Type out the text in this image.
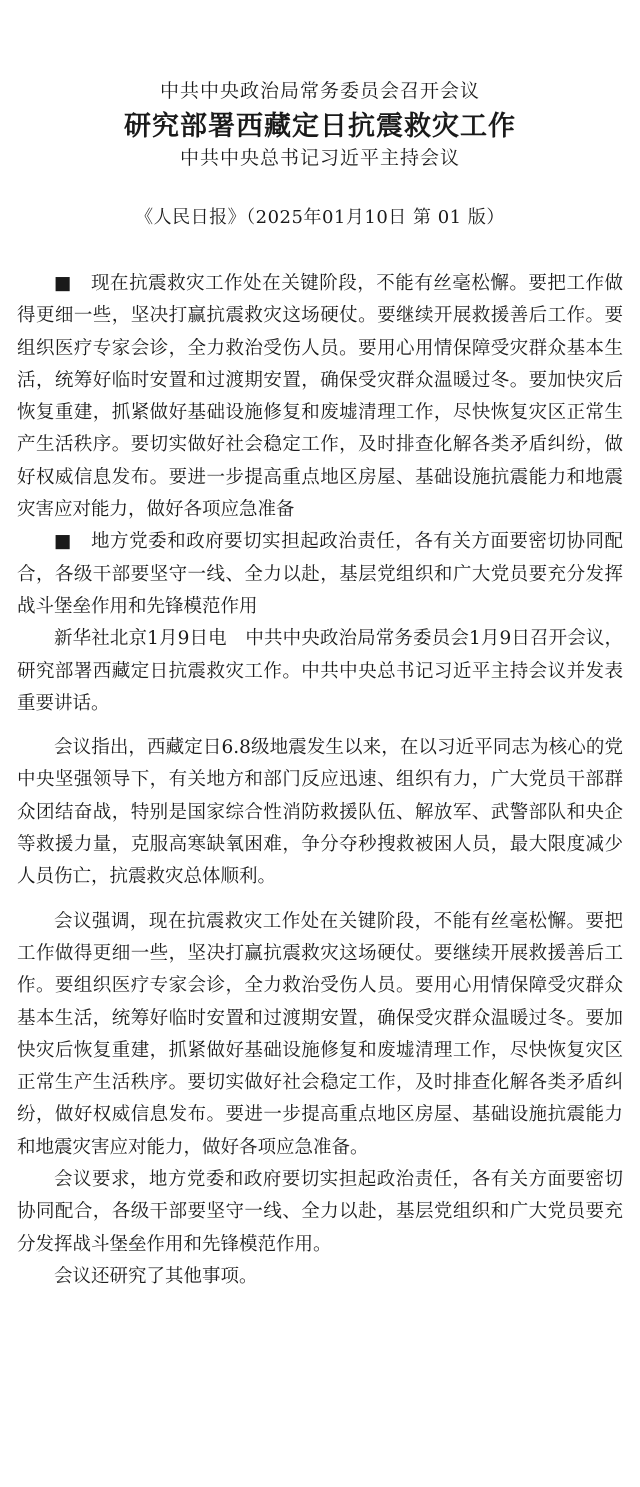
中共中央政治局常务委员会召开会议
研究部署西藏定日抗震救灾工作
中共中央总书记习近平主持会议
《人民日报》（2025年01月10日 第 01 版）

■　 现在抗震救灾工作处在关键阶段，不能有丝毫松懈。要把工作做得更细一些，坚决打赢抗震救灾这场硬仗。要继续开展救援善后工作。要组织医疗专家会诊，全力救治受伤人员。要用心用情保障受灾群众基本生活，统筹好临时安置和过渡期安置，确保受灾群众温暖过冬。要加快灾后恢复重建，抓紧做好基础设施修复和废墟清理工作，尽快恢复灾区正常生产生活秩序。要切实做好社会稳定工作，及时排查化解各类矛盾纠纷，做好权威信息发布。要进一步提高重点地区房屋、基础设施抗震能力和地震灾害应对能力，做好各项应急准备

■　 地方党委和政府要切实担起政治责任，各有关方面要密切协同配合，各级干部要坚守一线、全力以赴，基层党组织和广大党员要充分发挥战斗堡垒作用和先锋模范作用

新华社北京1月9日电　中共中央政治局常务委员会1月9日召开会议，研究部署西藏定日抗震救灾工作。中共中央总书记习近平主持会议并发表重要讲话。

会议指出，西藏定日6.8级地震发生以来，在以习近平同志为核心的党中央坚强领导下，有关地方和部门反应迅速、组织有力，广大党员干部群众团结奋战，特别是国家综合性消防救援队伍、解放军、武警部队和央企等救援力量，克服高寒缺氧困难，争分夺秒搜救被困人员，最大限度减少人员伤亡，抗震救灾总体顺利。

会议强调，现在抗震救灾工作处在关键阶段，不能有丝毫松懈。要把工作做得更细一些，坚决打赢抗震救灾这场硬仗。要继续开展救援善后工作。要组织医疗专家会诊，全力救治受伤人员。要用心用情保障受灾群众基本生活，统筹好临时安置和过渡期安置，确保受灾群众温暖过冬。要加快灾后恢复重建，抓紧做好基础设施修复和废墟清理工作，尽快恢复灾区正常生产生活秩序。要切实做好社会稳定工作，及时排查化解各类矛盾纠纷，做好权威信息发布。要进一步提高重点地区房屋、基础设施抗震能力和地震灾害应对能力，做好各项应急准备。

会议要求，地方党委和政府要切实担起政治责任，各有关方面要密切协同配合，各级干部要坚守一线、全力以赴，基层党组织和广大党员要充分发挥战斗堡垒作用和先锋模范作用。

会议还研究了其他事项。
